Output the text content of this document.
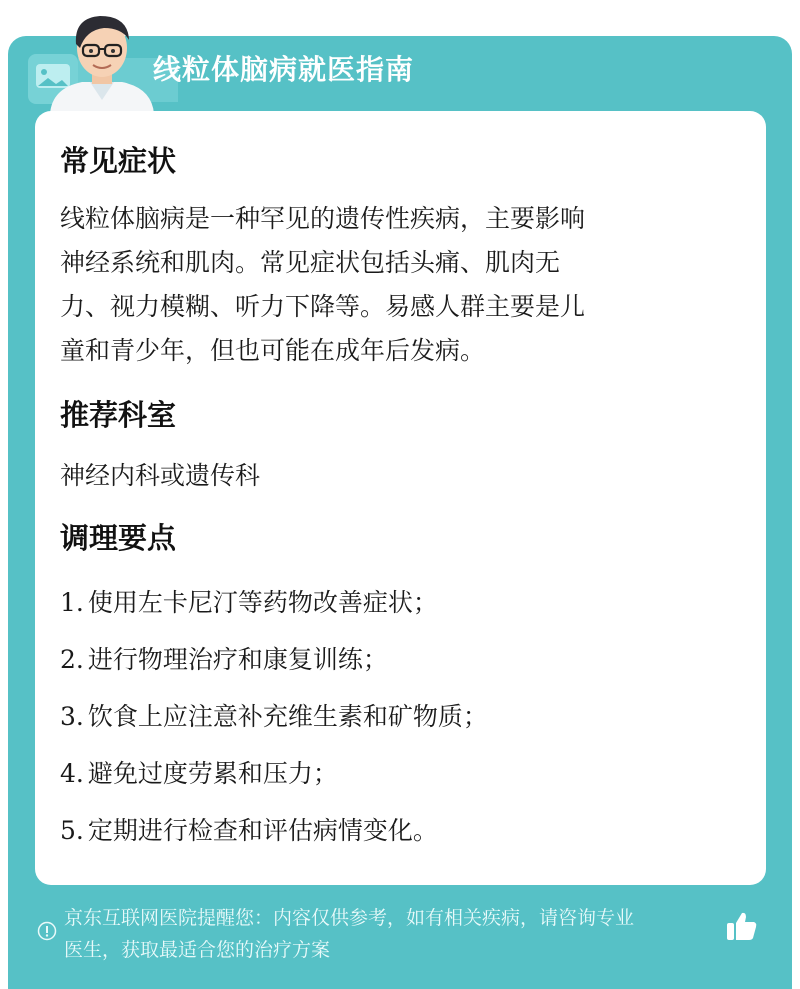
线粒体脑病就医指南
常见症状
线粒体脑病是一种罕见的遗传性疾病，主要影响
神经系统和肌肉。常见症状包括头痛、肌肉无
力、视力模糊、听力下降等。易感人群主要是儿
童和青少年，但也可能在成年后发病。
推荐科室
神经内科或遗传科
调理要点
1. 使用左卡尼汀等药物改善症状；
2. 进行物理治疗和康复训练；
3. 饮食上应注意补充维生素和矿物质；
4. 避免过度劳累和压力；
5. 定期进行检查和评估病情变化。
京东互联网医院提醒您：内容仅供参考，如有相关疾病，请咨询专业
医生，获取最适合您的治疗方案
